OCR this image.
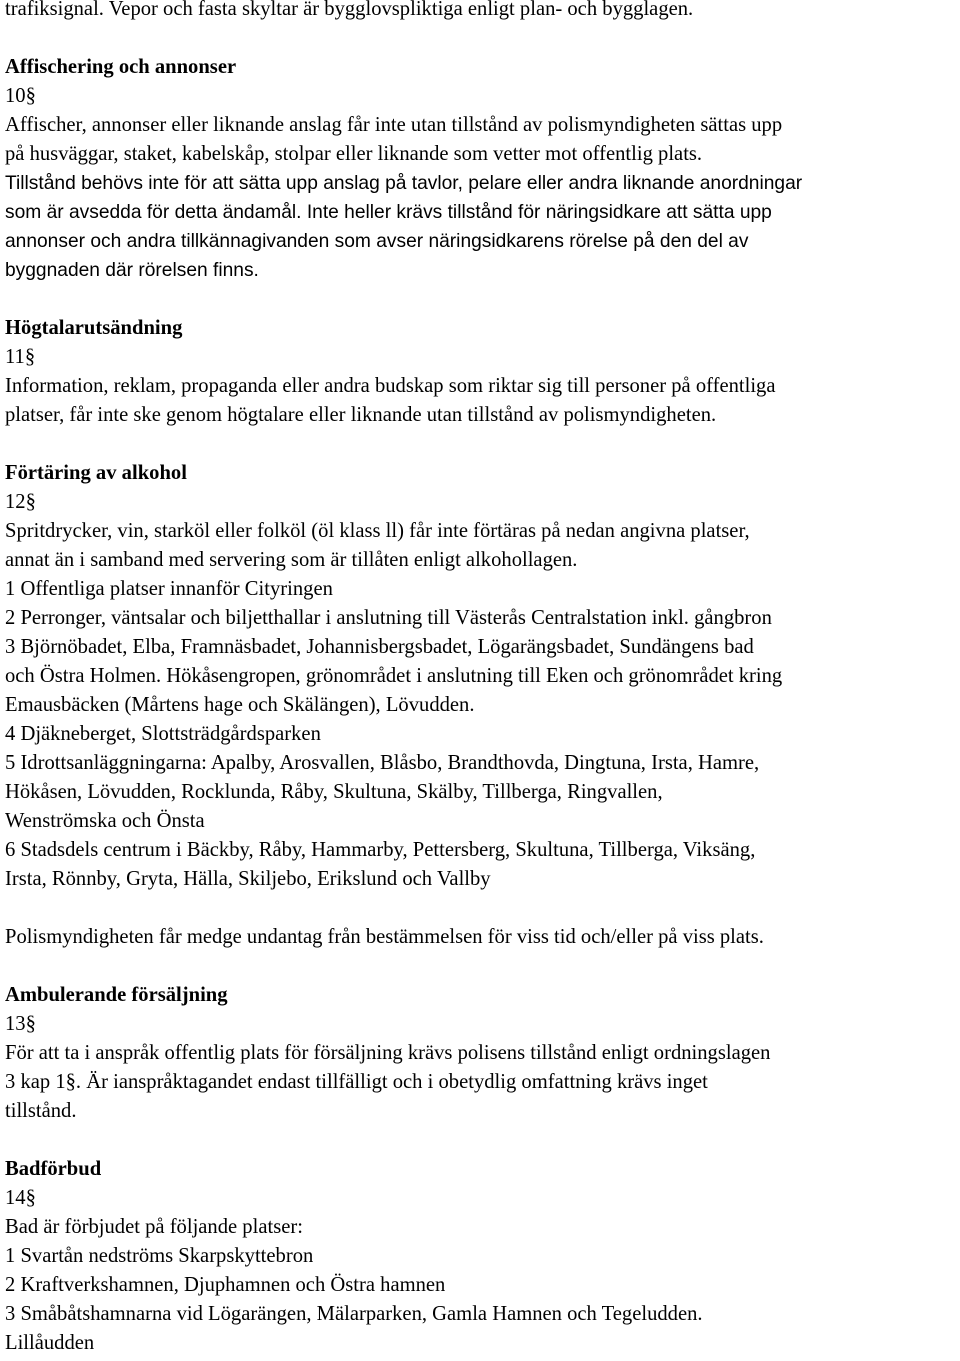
trafiksignal. Vepor och fasta skyltar är bygglovspliktiga enligt plan- och bygglagen.

Affischering och annonser

10§

Affischer, annonser eller liknande anslag får inte utan tillstånd av polismyndigheten sättas upp

på husväggar, staket, kabelskåp, stolpar eller liknande som vetter mot offentlig plats.

Tillstånd behövs inte för att sätta upp anslag på tavlor, pelare eller andra liknande anordningar

som är avsedda för detta ändamål. Inte heller krävs tillstånd för näringsidkare att sätta upp

annonser och andra tillkännagivanden som avser näringsidkarens rörelse på den del av

byggnaden där rörelsen finns.

Högtalarutsändning

11§

Information, reklam, propaganda eller andra budskap som riktar sig till personer på offentliga

platser, får inte ske genom högtalare eller liknande utan tillstånd av polismyndigheten.

Förtäring av alkohol

12§

Spritdrycker, vin, starköl eller folköl (öl klass ll) får inte förtäras på nedan angivna platser,

annat än i samband med servering som är tillåten enligt alkohollagen.

1 Offentliga platser innanför Cityringen

2 Perronger, väntsalar och biljetthallar i anslutning till Västerås Centralstation inkl. gångbron

3 Björnöbadet, Elba, Framnäsbadet, Johannisbergsbadet, Lögarängsbadet, Sundängens bad

och Östra Holmen. Hökåsengropen, grönområdet i anslutning till Eken och grönområdet kring

Emausbäcken (Mårtens hage och Skälängen), Lövudden.

4 Djäkneberget, Slottsträdgårdsparken

5 Idrottsanläggningarna: Apalby, Arosvallen, Blåsbo, Brandthovda, Dingtuna, Irsta, Hamre,

Hökåsen, Lövudden, Rocklunda, Råby, Skultuna, Skälby, Tillberga, Ringvallen,

Wenströmska och Önsta

6 Stadsdels centrum i Bäckby, Råby, Hammarby, Pettersberg, Skultuna, Tillberga, Viksäng,

Irsta, Rönnby, Gryta, Hälla, Skiljebo, Erikslund och Vallby

Polismyndigheten får medge undantag från bestämmelsen för viss tid och/eller på viss plats.

Ambulerande försäljning

13§

För att ta i anspråk offentlig plats för försäljning krävs polisens tillstånd enligt ordningslagen

3 kap 1§. Är ianspråktagandet endast tillfälligt och i obetydlig omfattning krävs inget

tillstånd.

Badförbud

14§

Bad är förbjudet på följande platser:

1 Svartån nedströms Skarpskyttebron

2 Kraftverkshamnen, Djuphamnen och Östra hamnen

3 Småbåtshamnarna vid Lögarängen, Mälarparken, Gamla Hamnen och Tegeludden.

Lillåudden
